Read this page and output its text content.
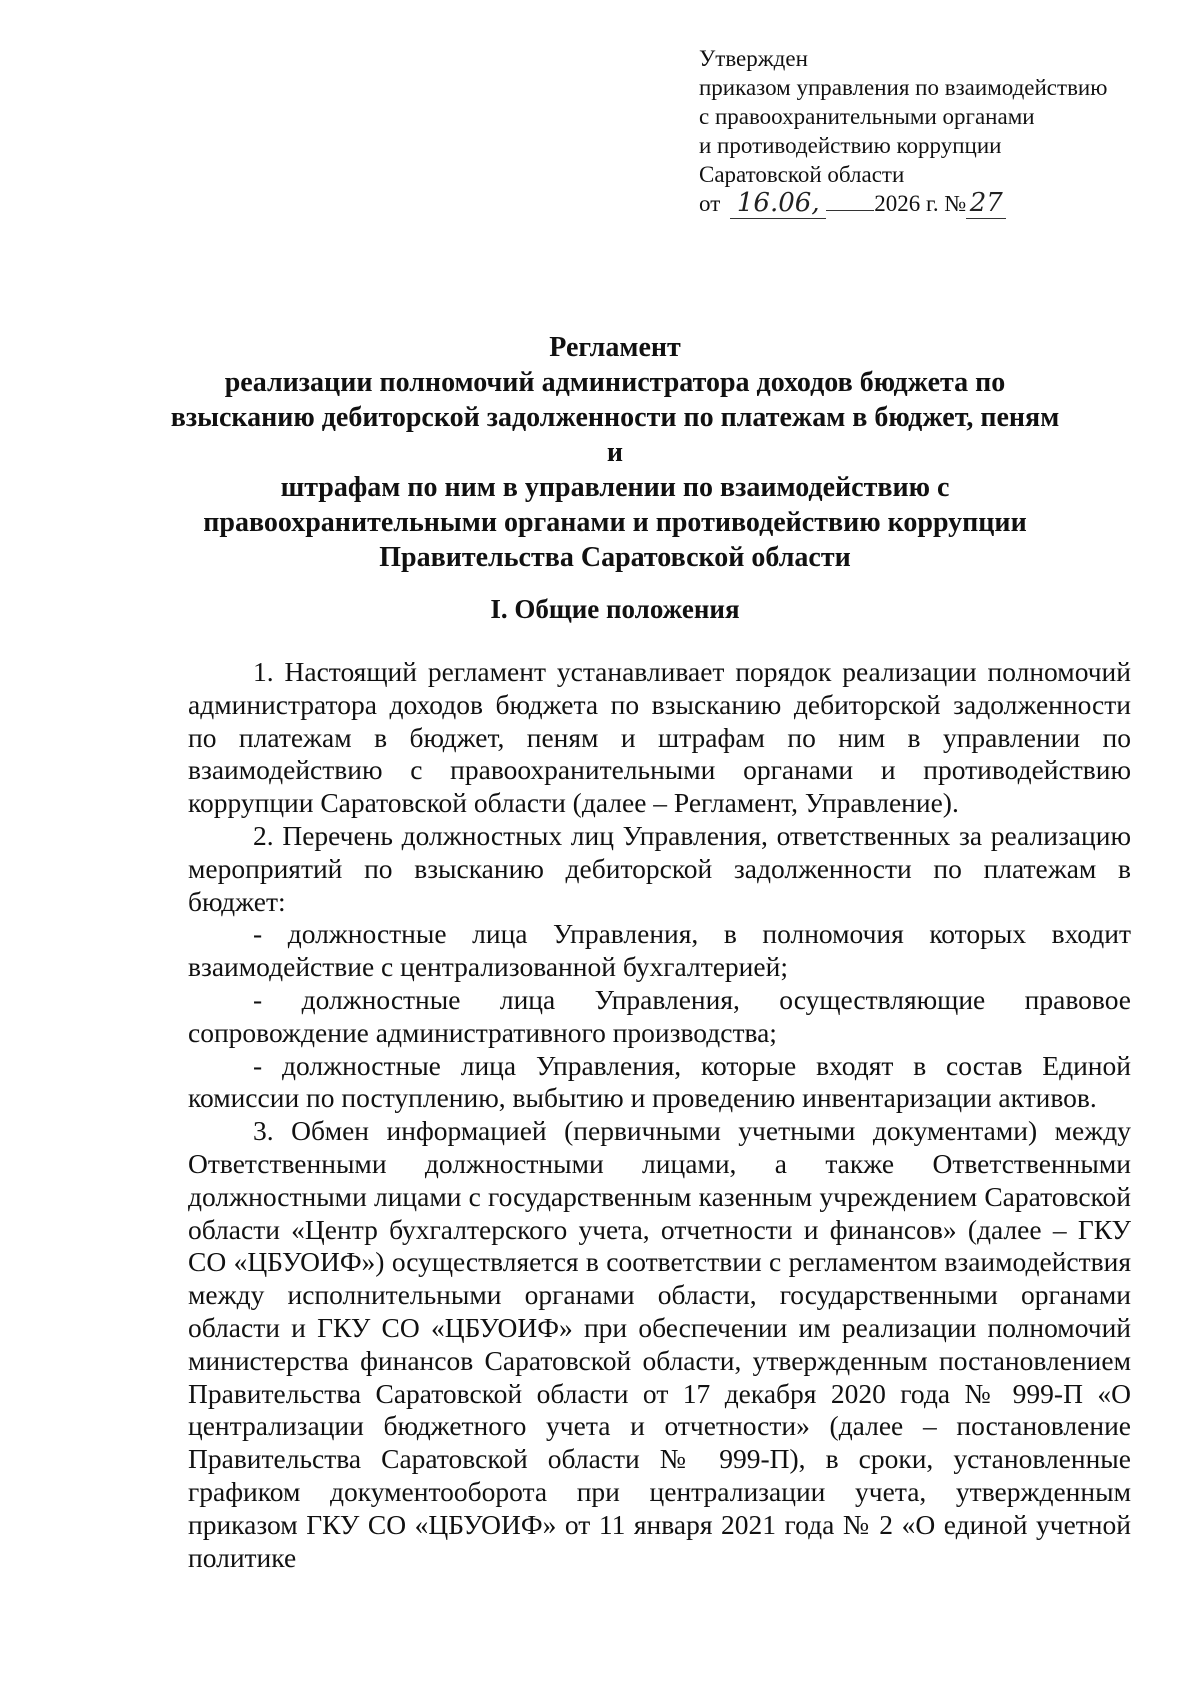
Утвержден
приказом управления по взаимодействию
с правоохранительными органами
и противодействию коррупции
Саратовской области
от 16.06, 2026 г. № 27
Регламент
реализации полномочий администратора доходов бюджета по
взысканию дебиторской задолженности по платежам в бюджет, пеням и
штрафам по ним в управлении по взаимодействию с
правоохранительными органами и противодействию коррупции
Правительства Саратовской области
I. Общие положения

1. Настоящий регламент устанавливает порядок реализации полномочий администратора доходов бюджета по взысканию дебиторской задолженности по платежам в бюджет, пеням и штрафам по ним в управлении по взаимодействию с правоохранительными органами и противодействию коррупции Саратовской области (далее – Регламент, Управление).

2. Перечень должностных лиц Управления, ответственных за реализацию мероприятий по взысканию дебиторской задолженности по платежам в бюджет:

- должностные лица Управления, в полномочия которых входит взаимодействие с централизованной бухгалтерией;

- должностные лица Управления, осуществляющие правовое сопровождение административного производства;

- должностные лица Управления, которые входят в состав Единой комиссии по поступлению, выбытию и проведению инвентаризации активов.

3. Обмен информацией (первичными учетными документами) между Ответственными должностными лицами, а также Ответственными должностными лицами с государственным казенным учреждением Саратовской области «Центр бухгалтерского учета, отчетности и финансов» (далее – ГКУ СО «ЦБУОИФ») осуществляется в соответствии с регламентом взаимодействия между исполнительными органами области, государственными органами области и ГКУ СО «ЦБУОИФ» при обеспечении им реализации полномочий министерства финансов Саратовской области, утвержденным постановлением Правительства Саратовской области от 17 декабря 2020 года № 999-П «О централизации бюджетного учета и отчетности» (далее – постановление Правительства Саратовской области № 999-П), в сроки, установленные графиком документооборота при централизации учета, утвержденным приказом ГКУ СО «ЦБУОИФ» от 11 января 2021 года № 2 «О единой учетной политике
